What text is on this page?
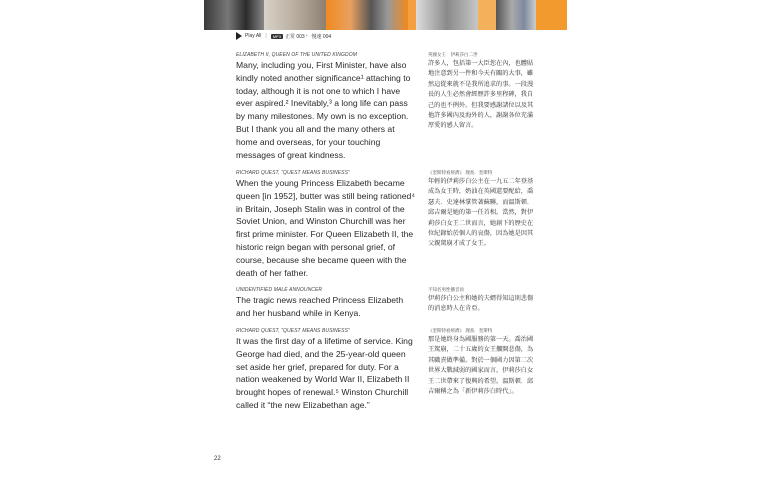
Play All |	MP3 正常 003 • 慢速 004
ELIZABETH II, QUEEN OF THE UNITED KINGDOM
Many, including you, First Minister, have also kindly noted another significance¹ attaching to today, although it is not one to which I have ever aspired.² Inevitably,³ a long life can pass by many milestones. My own is no exception. But I thank you all and the many others at home and overseas, for your touching messages of great kindness.
英國女王　伊莉莎白二世
許多人，包括第一大臣您在內，也體貼地注意到另一件和今天有關的大事，雖然這從來就不是我所追求的事。一段漫長的人生必然會經歷許多里程碑，我自己的也不例外。但我要感謝諸位以及其他許多國內及海外的人，謝謝各位充滿厚愛的感人留言。
RICHARD QUEST, “QUEST MEANS BUSINESS”
When the young Princess Elizabeth became queen [in 1952], butter was still being rationed⁴ in Britain, Joseph Stalin was in control of the Soviet Union, and Winston Churchill was her first prime minister. For Queen Elizabeth II, the historic reign began with personal grief, of course, because she became queen with the death of her father.
《奎斯特看經濟》 理查．奎斯特
年輕的伊莉莎白公主在一九五二年登基成為女王時，奶油在英國還要配給，喬瑟夫．史達林掌管著蘇聯，而溫斯頓．邱吉爾是她的第一任首相。當然，對伊莉莎白女王二世而言，她創下的歷史在位紀錄始於個人的哀傷，因為她是因其父親駕崩才成了女王。
UNIDENTIFIED MALE ANNOUNCER
The tragic news reached Princess Elizabeth and her husband while in Kenya.
不知名男性播音員
伊莉莎白公主和她的夫婿得知這則悲傷的消息時人在肯亞。
RICHARD QUEST, “QUEST MEANS BUSINESS”
It was the first day of a lifetime of service. King George had died, and the 25-year-old queen set aside her grief, prepared for duty. For a nation weakened by World War II, Elizabeth II brought hopes of renewal.⁵ Winston Churchill called it “the new Elizabethan age.”
《奎斯特看經濟》 理查．奎斯特
那是她終身為國服務的第一天。喬治國王駕崩，二十五歲的女王擱開悲傷，為其職責做準備。對於一個國力因第二次世界大戰減弱的國家而言，伊莉莎白女王二世帶來了復興的希望。溫斯頓．邱吉爾稱之為「新伊莉莎白時代」。
22
